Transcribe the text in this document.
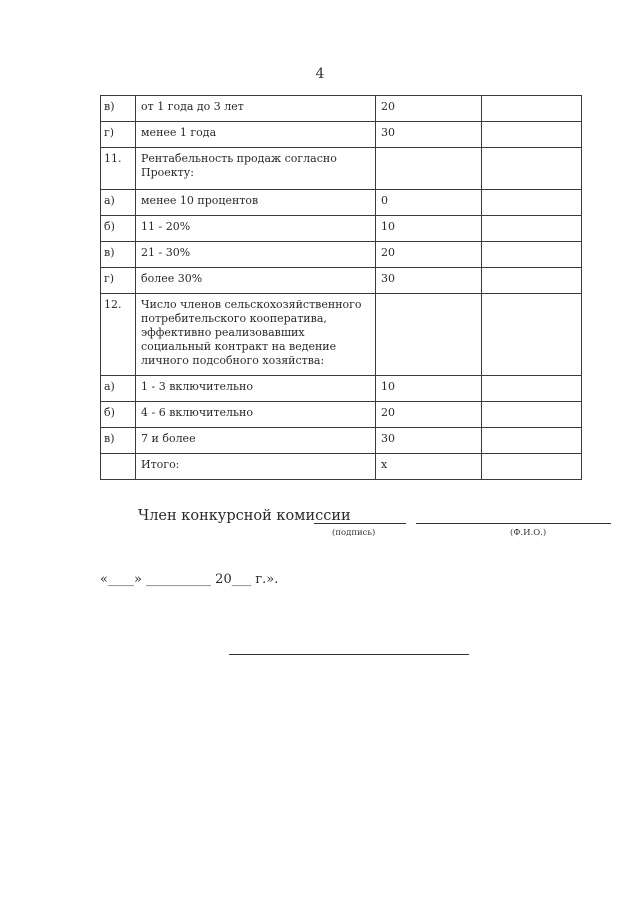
4
в)	от 1 года до 3 лет	20	
г)	менее 1 года	30	
11.	Рентабельность продаж согласно Проекту:		
а)	менее 10 процентов	0	
б)	11 - 20%	10	
в)	21 - 30%	20	
г)	более 30%	30	
12.	Число членов сельскохозяйственного потребительского кооператива, эффективно реализовавших социальный контракт на ведение личного подсобного хозяйства:		
а)	1 - 3 включительно	10	
б)	4 - 6 включительно	20	
в)	7 и более	30	
	Итого:	х	
Член конкурсной комиссии
(подпись)	(Ф.И.О.)
«____» __________ 20___ г.».
